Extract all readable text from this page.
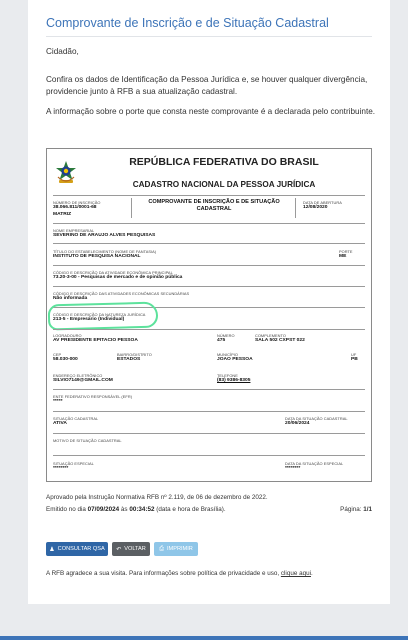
Comprovante de Inscrição e de Situação Cadastral
Cidadão,
Confira os dados de Identificação da Pessoa Jurídica e, se houver qualquer divergência, providencie junto à RFB a sua atualização cadastral.
A informação sobre o porte que consta neste comprovante é a declarada pelo contribuinte.
REPÚBLICA FEDERATIVA DO BRASIL
CADASTRO NACIONAL DA PESSOA JURÍDICA
NÚMERO DE INSCRIÇÃO
38.066.811/0001-68
MATRIZ
COMPROVANTE DE INSCRIÇÃO E DE SITUAÇÃO CADASTRAL
DATA DE ABERTURA
12/08/2020
NOME EMPRESARIAL
SEVERINO DE ARAUJO ALVES PESQUISAS
TÍTULO DO ESTABELECIMENTO (NOME DE FANTASIA)
INSTITUTO DE PESQUISA NACIONAL
PORTE
ME
CÓDIGO E DESCRIÇÃO DA ATIVIDADE ECONÔMICA PRINCIPAL
73.20-3-00 - Pesquisas de mercado e de opinião pública
CÓDIGO E DESCRIÇÃO DAS ATIVIDADES ECONÔMICAS SECUNDÁRIAS
Não informada
CÓDIGO E DESCRIÇÃO DA NATUREZA JURÍDICA
213-5 - Empresário (Individual)
LOGRADOURO
AV PRESIDENTE EPITACIO PESSOA
NÚMERO
475
COMPLEMENTO
SALA 502 CXPST 022
CEP
58.030-000
BAIRRO/DISTRITO
ESTADOS
MUNICÍPIO
JOAO PESSOA
UF
PB
ENDEREÇO ELETRÔNICO
SILVIO7149@GMAIL.COM
TELEFONE
(83) 9386-8305
ENTE FEDERATIVO RESPONSÁVEL (EFR)
*****
SITUAÇÃO CADASTRAL
ATIVA
DATA DA SITUAÇÃO CADASTRAL
20/06/2024
MOTIVO DE SITUAÇÃO CADASTRAL
SITUAÇÃO ESPECIAL
********
DATA DA SITUAÇÃO ESPECIAL
********
Aprovado pela Instrução Normativa RFB nº 2.119, de 06 de dezembro de 2022.
Emitido no dia 07/09/2024 às 00:34:52 (data e hora de Brasília).	Página: 1/1
♟ CONSULTAR QSA ↶ VOLTAR ⎙ IMPRIMIR
A RFB agradece a sua visita. Para informações sobre política de privacidade e uso, clique aqui.
